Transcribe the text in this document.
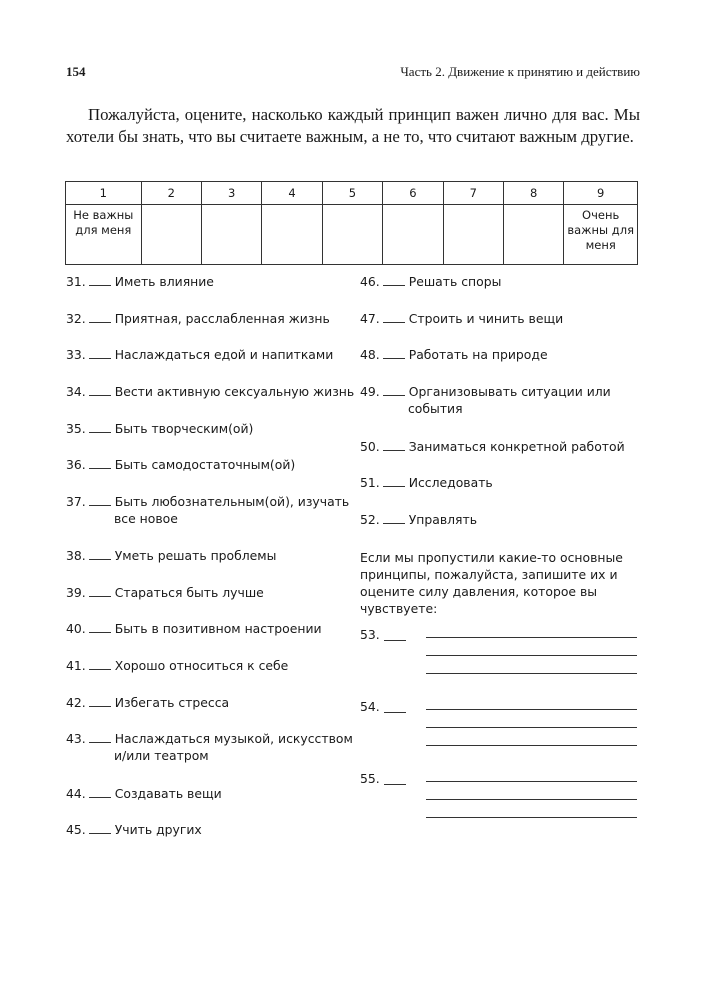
154	Часть 2. Движение к принятию и действию
Пожалуйста, оцените, насколько каждый принцип важен лично для вас. Мы хотели бы знать, что вы считаете важным, а не то, что считают важным другие.
1	2	3	4	5	6	7	8	9
Не важны для меня								Очень важны для меня
31. Иметь влияние
32. Приятная, расслабленная жизнь
33. Наслаждаться едой и напитками
34. Вести активную сексуальную жизнь
35. Быть творческим(ой)
36. Быть самодостаточным(ой)
37. Быть любознательным(ой), изучать
все новое
38. Уметь решать проблемы
39. Стараться быть лучше
40. Быть в позитивном настроении
41. Хорошо относиться к себе
42. Избегать стресса
43. Наслаждаться музыкой, искусством
и/или театром
44. Создавать вещи
45. Учить других
46. Решать споры
47. Строить и чинить вещи
48. Работать на природе
49. Организовывать ситуации или
события
50. Заниматься конкретной работой
51. Исследовать
52. Управлять
Если мы пропустили какие-то основные принципы, пожалуйста, запишите их и оцените силу давления, которое вы чувствуете:
53.
54.
55.
